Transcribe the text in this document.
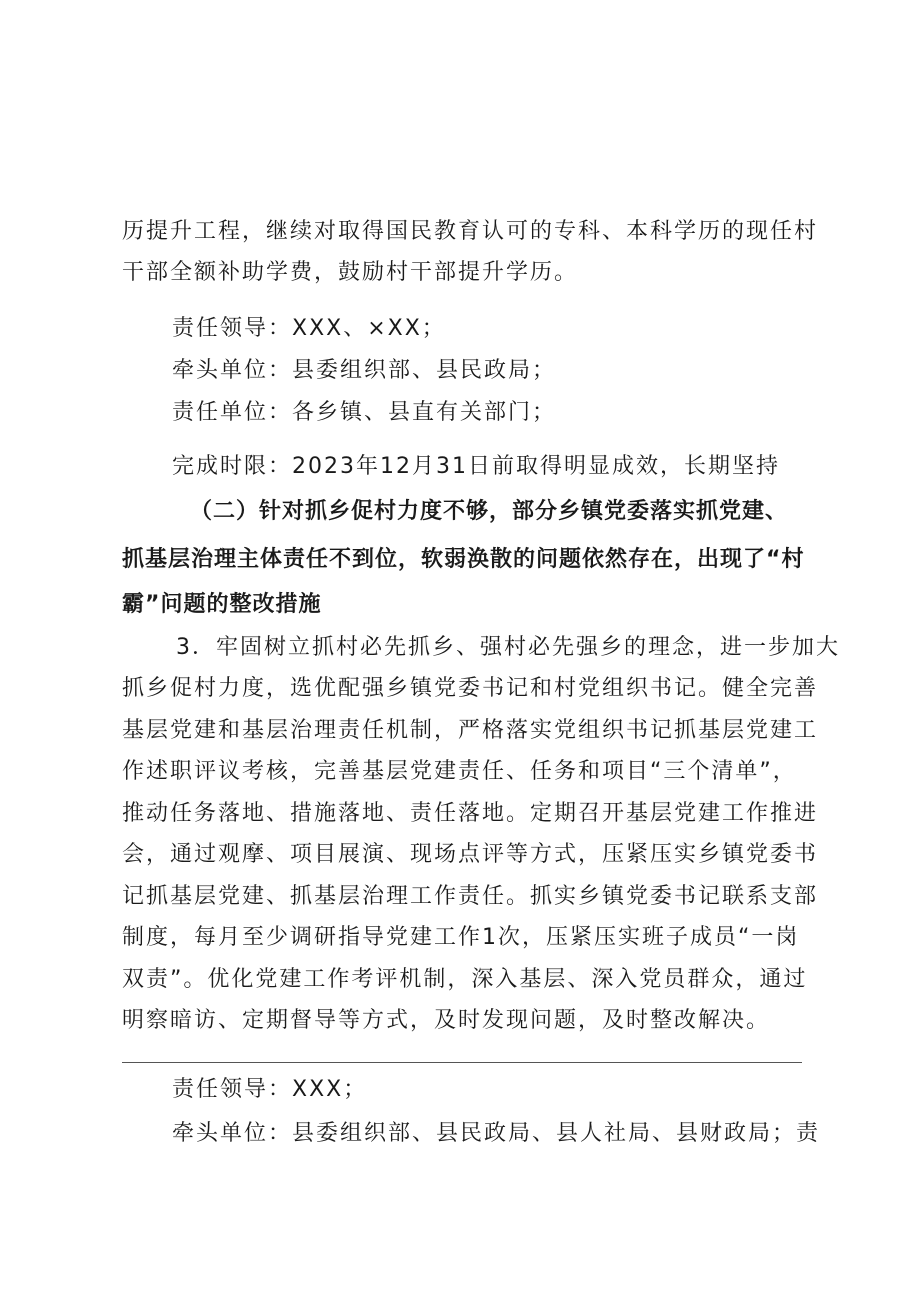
历提升工程，继续对取得国民教育认可的专科、本科学历的现任村
干部全额补助学费，鼓励村干部提升学历。
责任领导：XXX、×XX；
牵头单位：县委组织部、县民政局；
责任单位：各乡镇、县直有关部门；
完成时限：2023年12月31日前取得明显成效，长期坚持
（二）针对抓乡促村力度不够，部分乡镇党委落实抓党建、
抓基层治理主体责任不到位，软弱涣散的问题依然存在，出现了“村
霸”问题的整改措施
3．牢固树立抓村必先抓乡、强村必先强乡的理念，进一步加大
抓乡促村力度，选优配强乡镇党委书记和村党组织书记。健全完善
基层党建和基层治理责任机制，严格落实党组织书记抓基层党建工
作述职评议考核，完善基层党建责任、任务和项目“三个清单”，
推动任务落地、措施落地、责任落地。定期召开基层党建工作推进
会，通过观摩、项目展演、现场点评等方式，压紧压实乡镇党委书
记抓基层党建、抓基层治理工作责任。抓实乡镇党委书记联系支部
制度，每月至少调研指导党建工作1次，压紧压实班子成员“一岗
双责”。优化党建工作考评机制，深入基层、深入党员群众，通过
明察暗访、定期督导等方式，及时发现问题，及时整改解决。
责任领导：XXX；
牵头单位：县委组织部、县民政局、县人社局、县财政局；责
